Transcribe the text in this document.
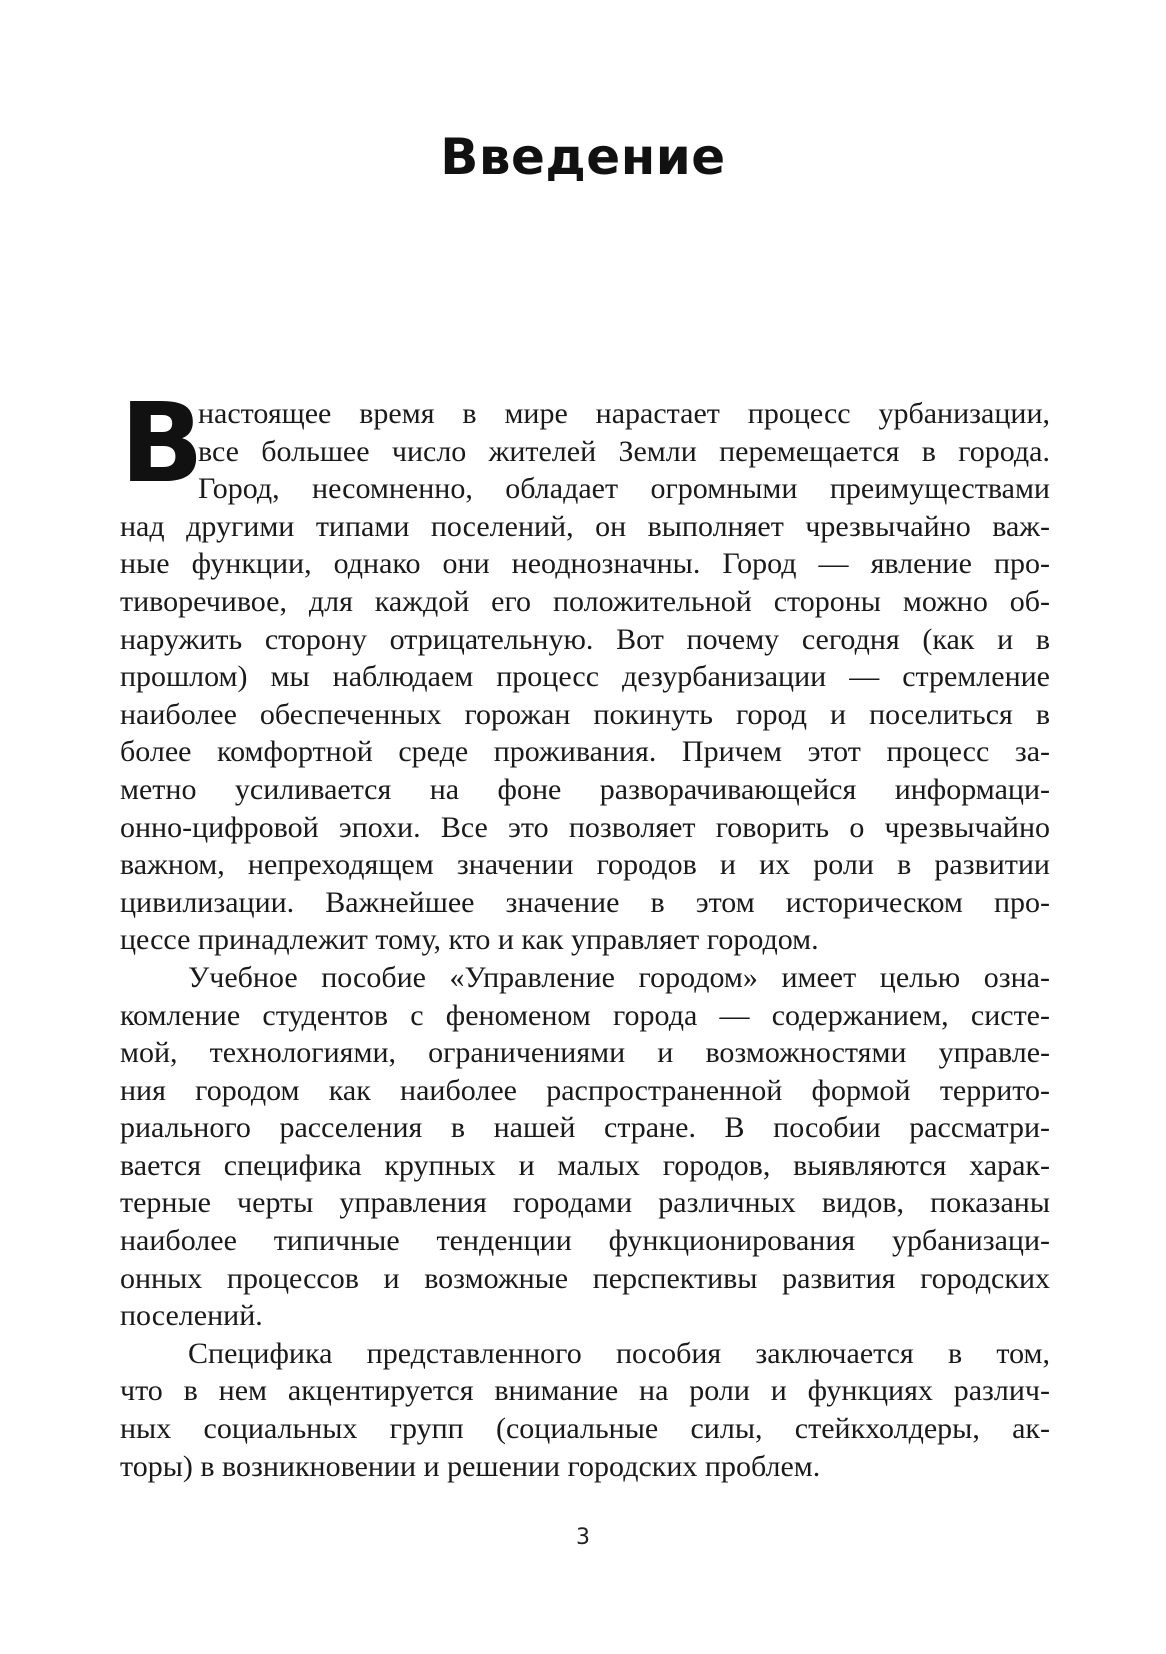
Введение
В
настоящее время в мире нарастает процесс урбанизации,
все большее число жителей Земли перемещается в города.
Город, несомненно, обладает огромными преимуществами
над другими типами поселений, он выполняет чрезвычайно важ-
ные функции, однако они неоднозначны. Город — явление про-
тиворечивое, для каждой его положительной стороны можно об-
наружить сторону отрицательную. Вот почему сегодня (как и в
прошлом) мы наблюдаем процесс дезурбанизации — стремление
наиболее обеспеченных горожан покинуть город и поселиться в
более комфортной среде проживания. Причем этот процесс за-
метно усиливается на фоне разворачивающейся информаци-
онно-цифровой эпохи. Все это позволяет говорить о чрезвычайно
важном, непреходящем значении городов и их роли в развитии
цивилизации. Важнейшее значение в этом историческом про-
цессе принадлежит тому, кто и как управляет городом.
Учебное пособие «Управление городом» имеет целью озна-
комление студентов с феноменом города — содержанием, систе-
мой, технологиями, ограничениями и возможностями управле-
ния городом как наиболее распространенной формой террито-
риального расселения в нашей стране. В пособии рассматри-
вается специфика крупных и малых городов, выявляются харак-
терные черты управления городами различных видов, показаны
наиболее типичные тенденции функционирования урбанизаци-
онных процессов и возможные перспективы развития городских
поселений.
Специфика представленного пособия заключается в том,
что в нем акцентируется внимание на роли и функциях различ-
ных социальных групп (социальные силы, стейкхолдеры, ак-
торы) в возникновении и решении городских проблем.
3
